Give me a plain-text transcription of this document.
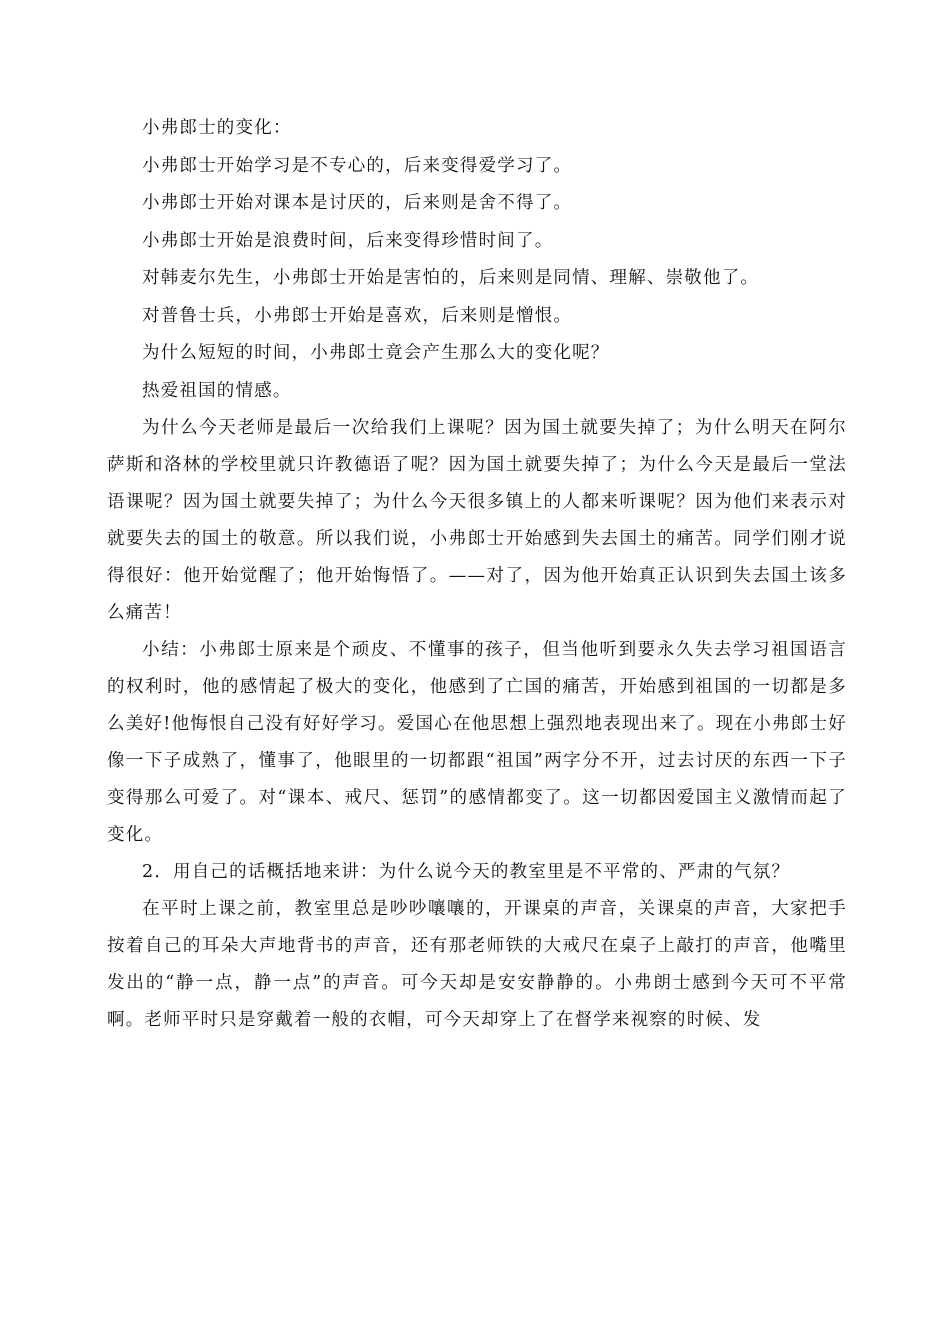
小弗郎士的变化：

小弗郎士开始学习是不专心的，后来变得爱学习了。

小弗郎士开始对课本是讨厌的，后来则是舍不得了。

小弗郎士开始是浪费时间，后来变得珍惜时间了。

对韩麦尔先生，小弗郎士开始是害怕的，后来则是同情、理解、崇敬他了。

对普鲁士兵，小弗郎士开始是喜欢，后来则是憎恨。

为什么短短的时间，小弗郎士竟会产生那么大的变化呢？

热爱祖国的情感。

为什么今天老师是最后一次给我们上课呢？因为国土就要失掉了；为什么明天在阿尔萨斯和洛林的学校里就只许教德语了呢？因为国土就要失掉了；为什么今天是最后一堂法语课呢？因为国土就要失掉了；为什么今天很多镇上的人都来听课呢？因为他们来表示对就要失去的国土的敬意。所以我们说，小弗郎士开始感到失去国土的痛苦。同学们刚才说得很好：他开始觉醒了；他开始悔悟了。——对了，因为他开始真正认识到失去国土该多么痛苦！

小结：小弗郎士原来是个顽皮、不懂事的孩子，但当他听到要永久失去学习祖国语言的权利时，他的感情起了极大的变化，他感到了亡国的痛苦，开始感到祖国的一切都是多么美好!他悔恨自己没有好好学习。爱国心在他思想上强烈地表现出来了。现在小弗郎士好像一下子成熟了，懂事了，他眼里的一切都跟“祖国”两字分不开，过去讨厌的东西一下子变得那么可爱了。对“课本、戒尺、惩罚”的感情都变了。这一切都因爱国主义激情而起了变化。

2．用自己的话概括地来讲：为什么说今天的教室里是不平常的、严肃的气氛？

在平时上课之前，教室里总是吵吵嚷嚷的，开课桌的声音，关课桌的声音，大家把手按着自己的耳朵大声地背书的声音，还有那老师铁的大戒尺在桌子上敲打的声音，他嘴里发出的“静一点，静一点”的声音。可今天却是安安静静的。小弗朗士感到今天可不平常啊。老师平时只是穿戴着一般的衣帽，可今天却穿上了在督学来视察的时候、发
